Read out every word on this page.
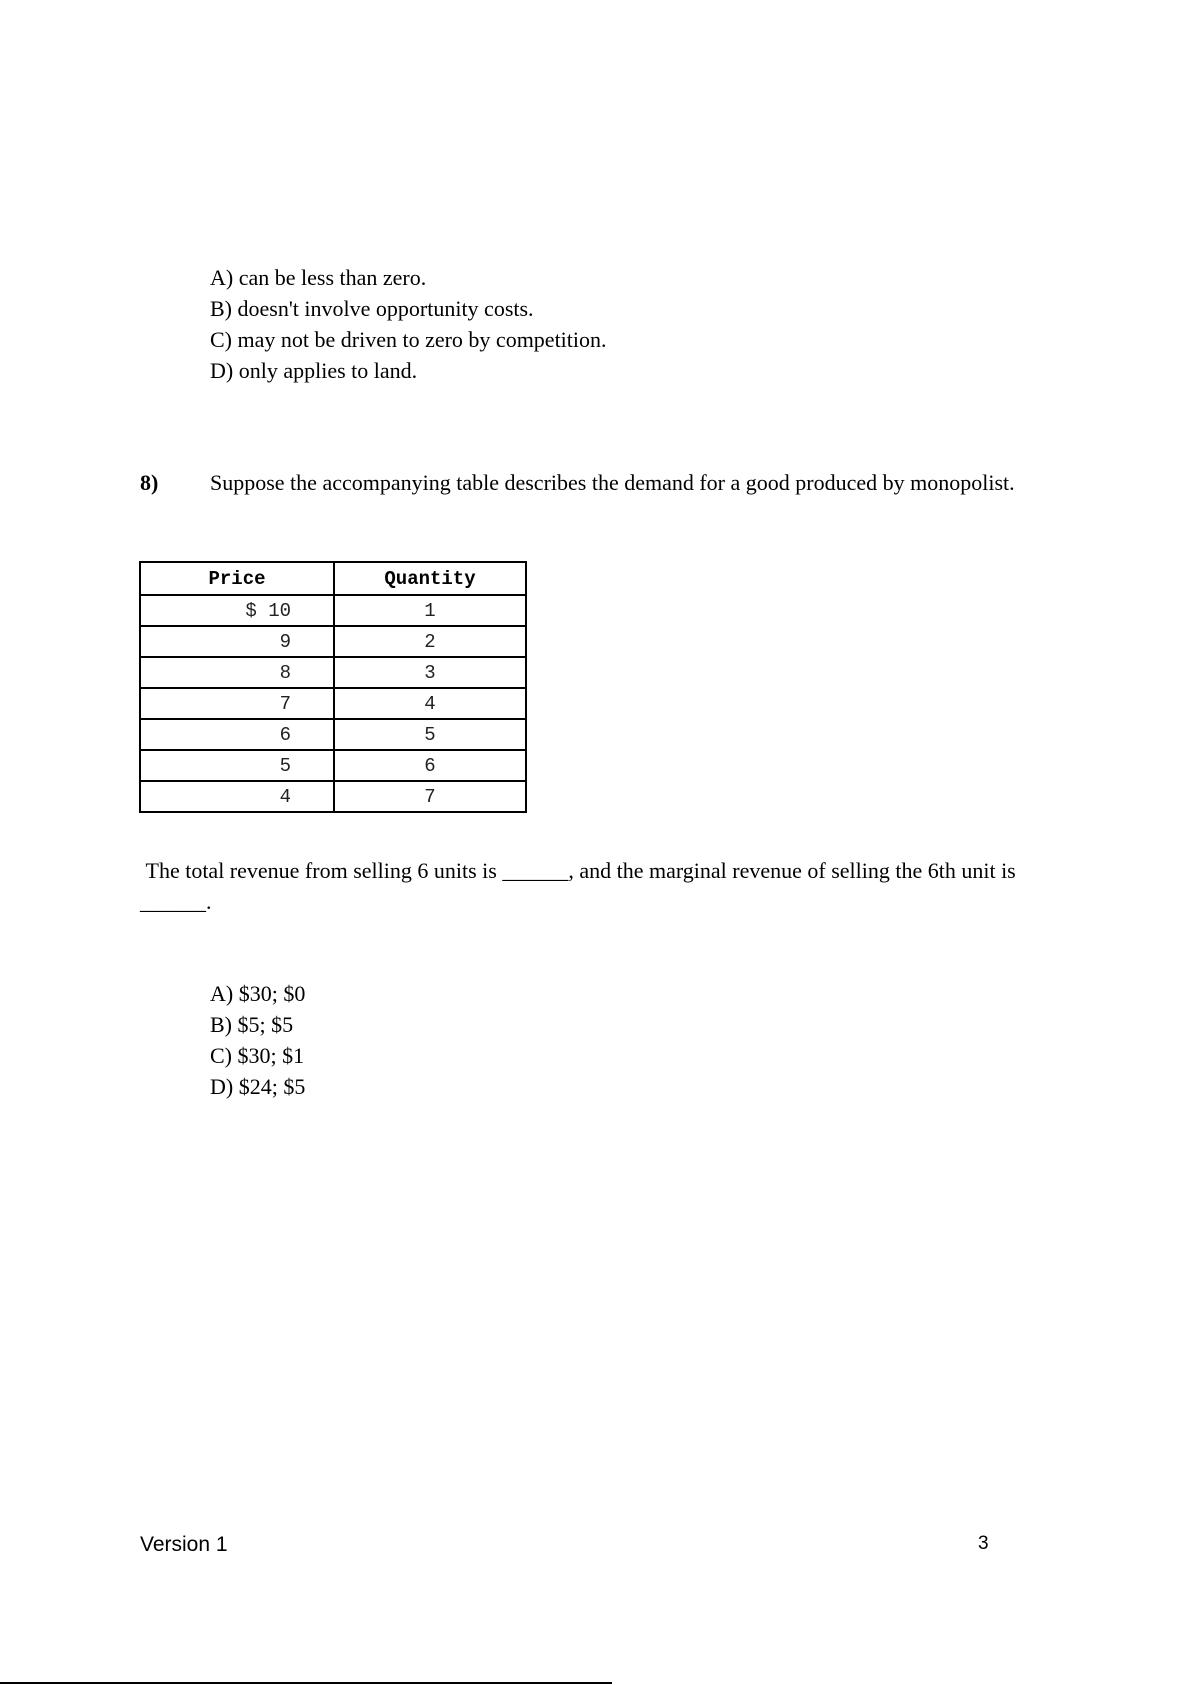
A) can be less than zero.
B) doesn't involve opportunity costs.
C) may not be driven to zero by competition.
D) only applies to land.
8) Suppose the accompanying table describes the demand for a good produced by monopolist.
Price	Quantity
$ 10	1
9	2
8	3
7	4
6	5
5	6
4	7
The total revenue from selling 6 units is ______, and the marginal revenue of selling the 6th unit is ______.
A) $30; $0
B) $5; $5
C) $30; $1
D) $24; $5
Version 1	3
